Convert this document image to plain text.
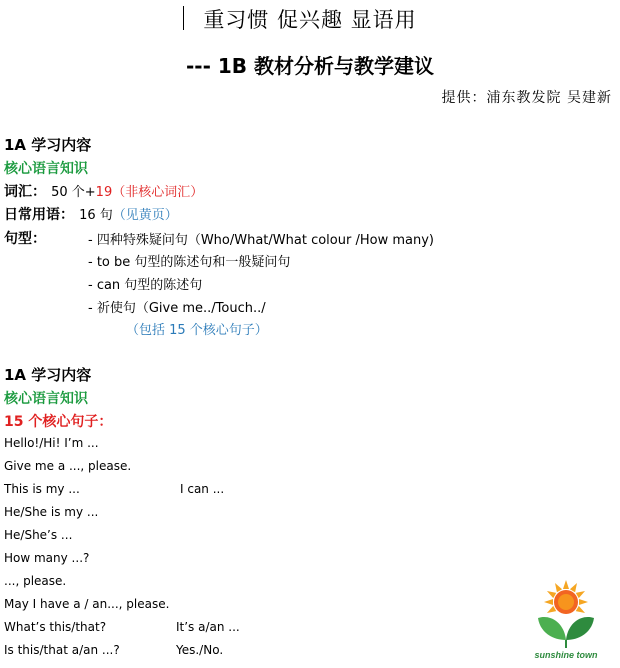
重习惯 促兴趣 显语用
--- 1B 教材分析与教学建议
提供：浦东教发院 吴建新
1A 学习内容
核心语言知识
词汇： 50 个+19（非核心词汇）
日常用语： 16 句（见黄页）
句型：	- 四种特殊疑问句（Who/What/What colour /How many)
- to be 句型的陈述句和一般疑问句
- can 句型的陈述句
- 祈使句（Give me../Touch../
（包括 15 个核心句子）
1A 学习内容
核心语言知识
15 个核心句子：
Hello!/Hi! I’m ...
Give me a ..., please.
This is my ...	I can ...
He/She is my ...
He/She’s ...
How many ...?
..., please.
May I have a / an..., please.
What’s this/that?	It’s a/an ...
Is this/that a/an ...?	Yes./No.	sunshine town
